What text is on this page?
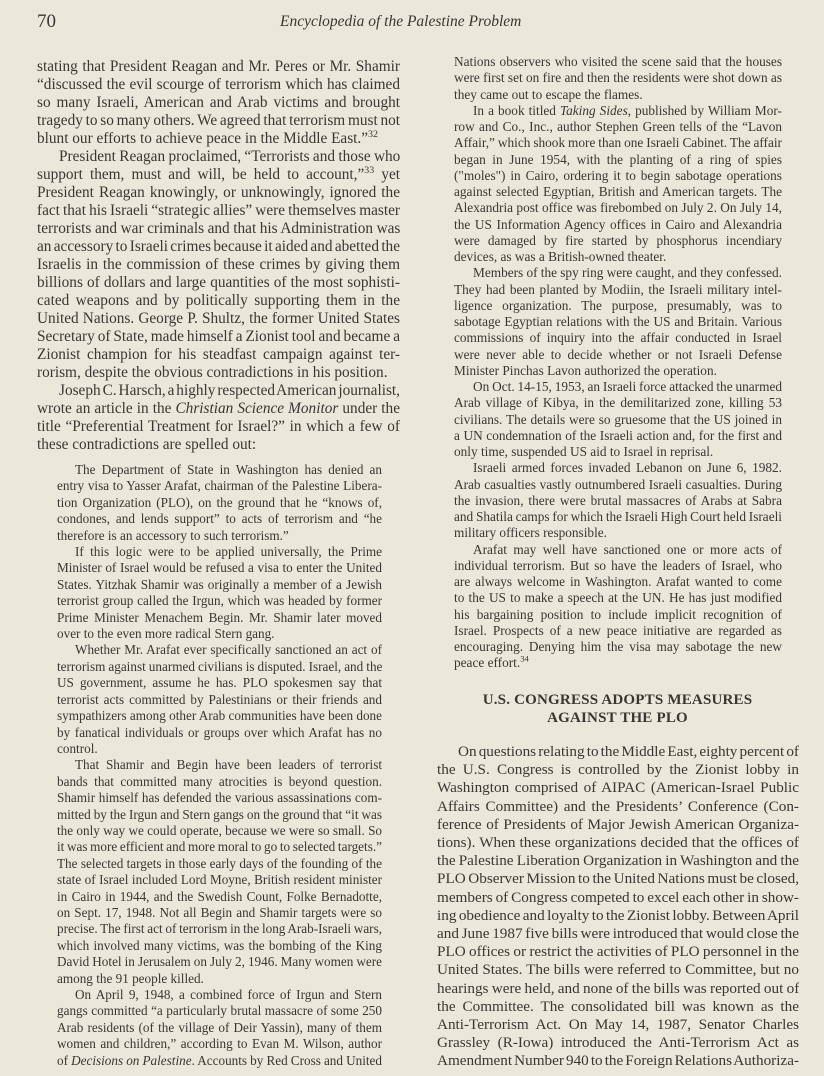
70	Encyclopedia of the Palestine Problem
stating that President Reagan and Mr. Peres or Mr. Shamir
“discussed the evil scourge of terrorism which has claimed
so many Israeli, American and Arab victims and brought
tragedy to so many others. We agreed that terrorism must not
blunt our efforts to achieve peace in the Middle East.”$^{32}$
President Reagan proclaimed, “Terrorists and those who
support them, must and will, be held to account,”$^{33}$ yet
President Reagan knowingly, or unknowingly, ignored the
fact that his Israeli “strategic allies” were themselves master
terrorists and war criminals and that his Administration was
an accessory to Israeli crimes because it aided and abetted the
Israelis in the commission of these crimes by giving them
billions of dollars and large quantities of the most sophisti-
cated weapons and by politically supporting them in the
United Nations. George P. Shultz, the former United States
Secretary of State, made himself a Zionist tool and became a
Zionist champion for his steadfast campaign against ter-
rorism, despite the obvious contradictions in his position.
Joseph C. Harsch, a highly respected American journalist,
wrote an article in the Christian Science Monitor under the
title “Preferential Treatment for Israel?” in which a few of
these contradictions are spelled out:
The Department of State in Washington has denied an
entry visa to Yasser Arafat, chairman of the Palestine Libera-
tion Organization (PLO), on the ground that he “knows of,
condones, and lends support” to acts of terrorism and “he
therefore is an accessory to such terrorism.”
If this logic were to be applied universally, the Prime
Minister of Israel would be refused a visa to enter the United
States. Yitzhak Shamir was originally a member of a Jewish
terrorist group called the Irgun, which was headed by former
Prime Minister Menachem Begin. Mr. Shamir later moved
over to the even more radical Stern gang.
Whether Mr. Arafat ever specifically sanctioned an act of
terrorism against unarmed civilians is disputed. Israel, and the
US government, assume he has. PLO spokesmen say that
terrorist acts committed by Palestinians or their friends and
sympathizers among other Arab communities have been done
by fanatical individuals or groups over which Arafat has no
control.
That Shamir and Begin have been leaders of terrorist
bands that committed many atrocities is beyond question.
Shamir himself has defended the various assassinations com-
mitted by the Irgun and Stern gangs on the ground that “it was
the only way we could operate, because we were so small. So
it was more efficient and more moral to go to selected targets.”
The selected targets in those early days of the founding of the
state of Israel included Lord Moyne, British resident minister
in Cairo in 1944, and the Swedish Count, Folke Bernadotte,
on Sept. 17, 1948. Not all Begin and Shamir targets were so
precise. The first act of terrorism in the long Arab-Israeli wars,
which involved many victims, was the bombing of the King
David Hotel in Jerusalem on July 2, 1946. Many women were
among the 91 people killed.
On April 9, 1948, a combined force of Irgun and Stern
gangs committed “a particularly brutal massacre of some 250
Arab residents (of the village of Deir Yassin), many of them
women and children,” according to Evan M. Wilson, author
of Decisions on Palestine. Accounts by Red Cross and United
Nations observers who visited the scene said that the houses
were first set on fire and then the residents were shot down as
they came out to escape the flames.
In a book titled Taking Sides, published by William Mor-
row and Co., Inc., author Stephen Green tells of the “Lavon
Affair,” which shook more than one Israeli Cabinet. The affair
began in June 1954, with the planting of a ring of spies
("moles") in Cairo, ordering it to begin sabotage operations
against selected Egyptian, British and American targets. The
Alexandria post office was firebombed on July 2. On July 14,
the US Information Agency offices in Cairo and Alexandria
were damaged by fire started by phosphorus incendiary
devices, as was a British-owned theater.
Members of the spy ring were caught, and they confessed.
They had been planted by Modiin, the Israeli military intel-
ligence organization. The purpose, presumably, was to
sabotage Egyptian relations with the US and Britain. Various
commissions of inquiry into the affair conducted in Israel
were never able to decide whether or not Israeli Defense
Minister Pinchas Lavon authorized the operation.
On Oct. 14-15, 1953, an Israeli force attacked the unarmed
Arab village of Kibya, in the demilitarized zone, killing 53
civilians. The details were so gruesome that the US joined in
a UN condemnation of the Israeli action and, for the first and
only time, suspended US aid to Israel in reprisal.
Israeli armed forces invaded Lebanon on June 6, 1982.
Arab casualties vastly outnumbered Israeli casualties. During
the invasion, there were brutal massacres of Arabs at Sabra
and Shatila camps for which the Israeli High Court held Israeli
military officers responsible.
Arafat may well have sanctioned one or more acts of
individual terrorism. But so have the leaders of Israel, who
are always welcome in Washington. Arafat wanted to come
to the US to make a speech at the UN. He has just modified
his bargaining position to include implicit recognition of
Israel. Prospects of a new peace initiative are regarded as
encouraging. Denying him the visa may sabotage the new
peace effort.$^{34}$
U.S. CONGRESS ADOPTS MEASURES
AGAINST THE PLO
On questions relating to the Middle East, eighty percent of
the U.S. Congress is controlled by the Zionist lobby in
Washington comprised of AIPAC (American-Israel Public
Affairs Committee) and the Presidents’ Conference (Con-
ference of Presidents of Major Jewish American Organiza-
tions). When these organizations decided that the offices of
the Palestine Liberation Organization in Washington and the
PLO Observer Mission to the United Nations must be closed,
members of Congress competed to excel each other in show-
ing obedience and loyalty to the Zionist lobby. Between April
and June 1987 five bills were introduced that would close the
PLO offices or restrict the activities of PLO personnel in the
United States. The bills were referred to Committee, but no
hearings were held, and none of the bills was reported out of
the Committee. The consolidated bill was known as the
Anti-Terrorism Act. On May 14, 1987, Senator Charles
Grassley (R-Iowa) introduced the Anti-Terrorism Act as
Amendment Number 940 to the Foreign Relations Authoriza-
